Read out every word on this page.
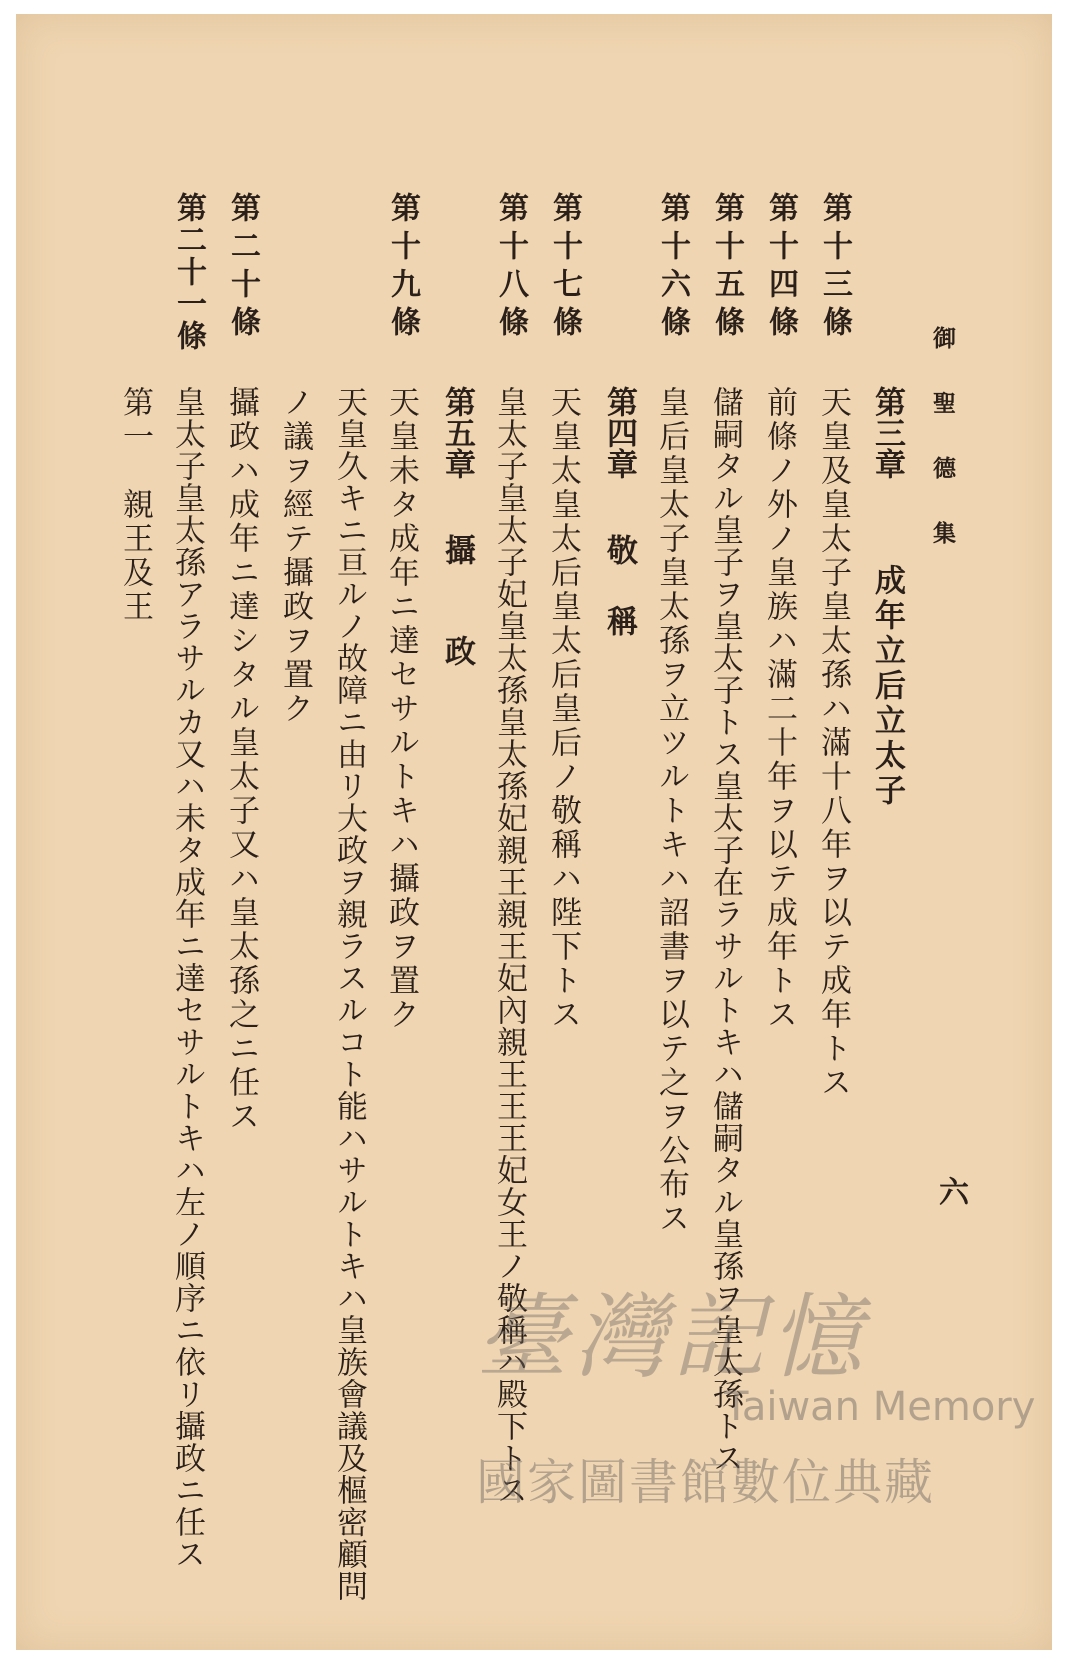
御聖德集
六
第三章
成年立后立太子
第十三條
天皇及皇太子皇太孫ハ滿十八年ヲ以テ成年トス
第十四條
前條ノ外ノ皇族ハ滿二十年ヲ以テ成年トス
第十五條
儲嗣タル皇子ヲ皇太子トス皇太子在ラサルトキハ儲嗣タル皇孫ヲ皇太孫トス
第十六條
皇后皇太子皇太孫ヲ立ツルトキハ詔書ヲ以テ之ヲ公布ス
第四章
敬稱
第十七條
天皇太皇太后皇太后皇后ノ敬稱ハ陛下トス
第十八條
皇太子皇太子妃皇太孫皇太孫妃親王親王妃內親王王王妃女王ノ敬稱ハ殿下トス
第五章
攝政
第十九條
天皇未タ成年ニ達セサルトキハ攝政ヲ置ク
天皇久キニ亘ルノ故障ニ由リ大政ヲ親ラスルコト能ハサルトキハ皇族會議及樞密顧問
ノ議ヲ經テ攝政ヲ置ク
第二十條
攝政ハ成年ニ達シタル皇太子又ハ皇太孫之ニ任ス
第二十一條
皇太子皇太孫アラサルカ又ハ未タ成年ニ達セサルトキハ左ノ順序ニ依リ攝政ニ任ス
第一　親王及王
臺灣記憶
Taiwan Memory
國家圖書館數位典藏
